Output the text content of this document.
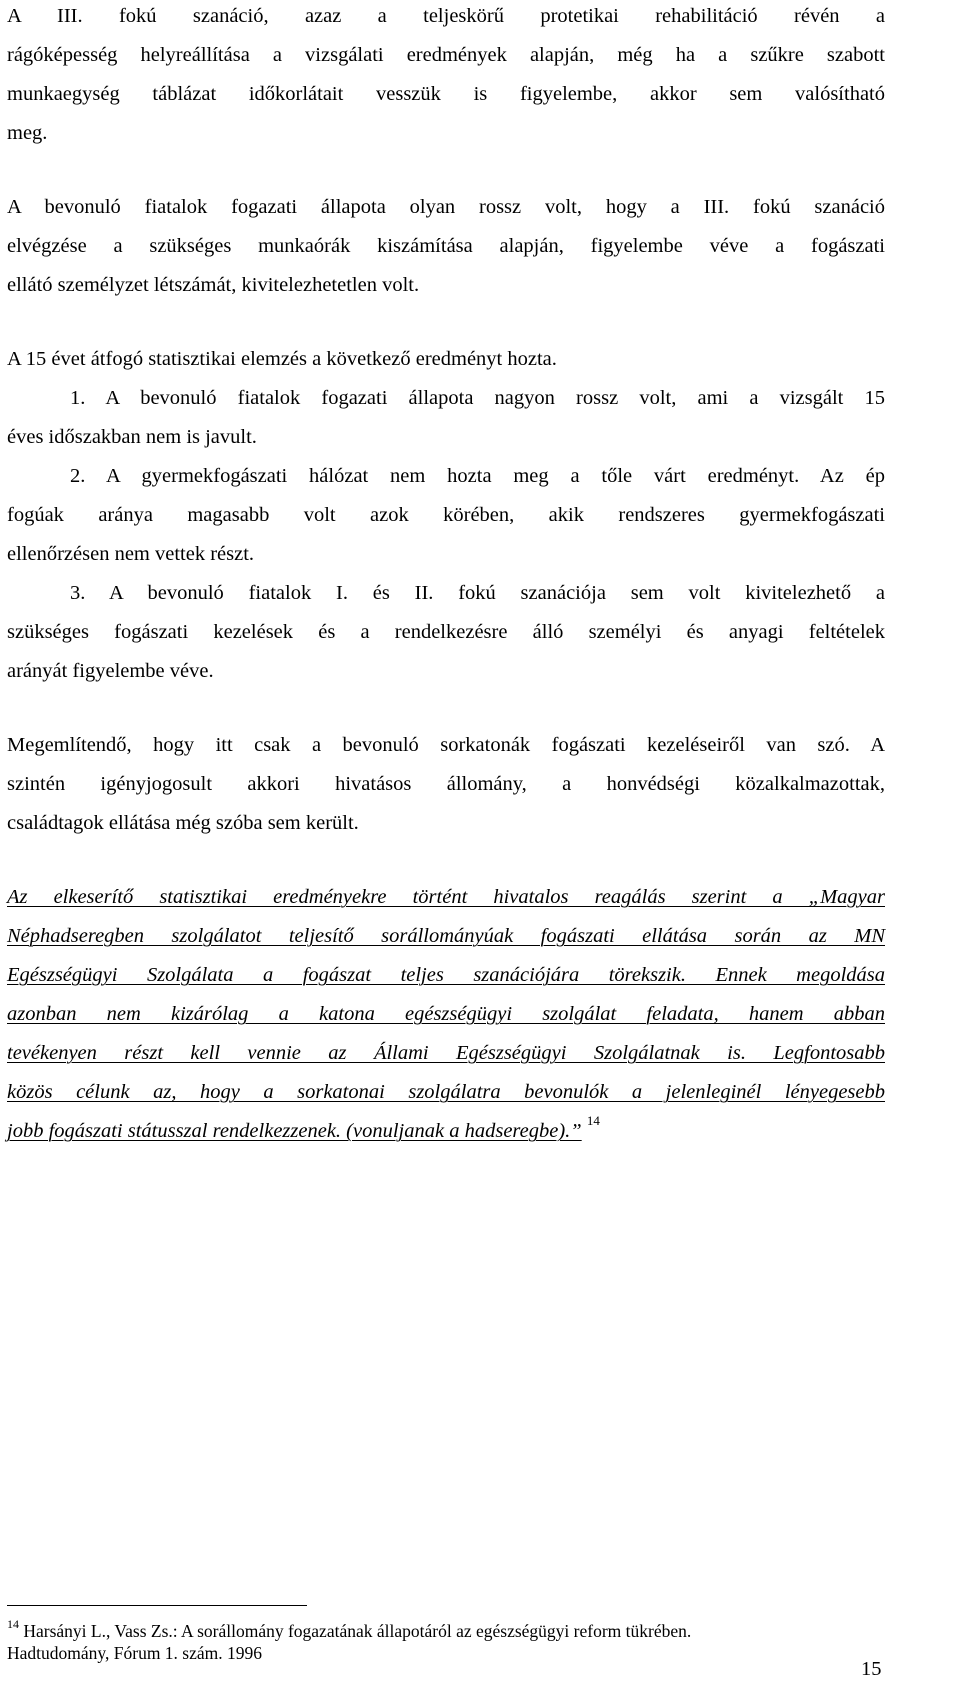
A III. fokú szanáció, azaz a teljeskörű protetikai rehabilitáció révén a
rágóképesség helyreállítása a vizsgálati eredmények alapján, még ha a szűkre szabott
munkaegység táblázat időkorlátait vesszük is figyelembe, akkor sem valósítható
meg.
A bevonuló fiatalok fogazati állapota olyan rossz volt, hogy a III. fokú szanáció
elvégzése a szükséges munkaórák kiszámítása alapján, figyelembe véve a fogászati
ellátó személyzet létszámát, kivitelezhetetlen volt.
A 15 évet átfogó statisztikai elemzés a következő eredményt hozta.
1. A bevonuló fiatalok fogazati állapota nagyon rossz volt, ami a vizsgált 15
éves időszakban nem is javult.
2. A gyermekfogászati hálózat nem hozta meg a tőle várt eredményt. Az ép
fogúak aránya magasabb volt azok körében, akik rendszeres gyermekfogászati
ellenőrzésen nem vettek részt.
3. A bevonuló fiatalok I. és II. fokú szanációja sem volt kivitelezhető a
szükséges fogászati kezelések és a rendelkezésre álló személyi és anyagi feltételek
arányát figyelembe véve.
Megemlítendő, hogy itt csak a bevonuló sorkatonák fogászati kezeléseiről van szó. A
szintén igényjogosult akkori hivatásos állomány, a honvédségi közalkalmazottak,
családtagok ellátása még szóba sem került.
Az elkeserítő statisztikai eredményekre történt hivatalos reagálás szerint a „Magyar
Néphadseregben szolgálatot teljesítő sorállományúak fogászati ellátása során az MN
Egészségügyi Szolgálata a fogászat teljes szanációjára törekszik. Ennek megoldása
azonban nem kizárólag a katona egészségügyi szolgálat feladata, hanem abban
tevékenyen részt kell vennie az Állami Egészségügyi Szolgálatnak is. Legfontosabb
közös célunk az, hogy a sorkatonai szolgálatra bevonulók a jelenleginél lényegesebb
jobb fogászati státusszal rendelkezzenek. (vonuljanak a hadseregbe).” $^{14}$
$^{14}$ Harsányi L., Vass Zs.: A sorállomány fogazatának állapotáról az egészségügyi reform tükrében.
Hadtudomány, Fórum 1. szám. 1996
15
